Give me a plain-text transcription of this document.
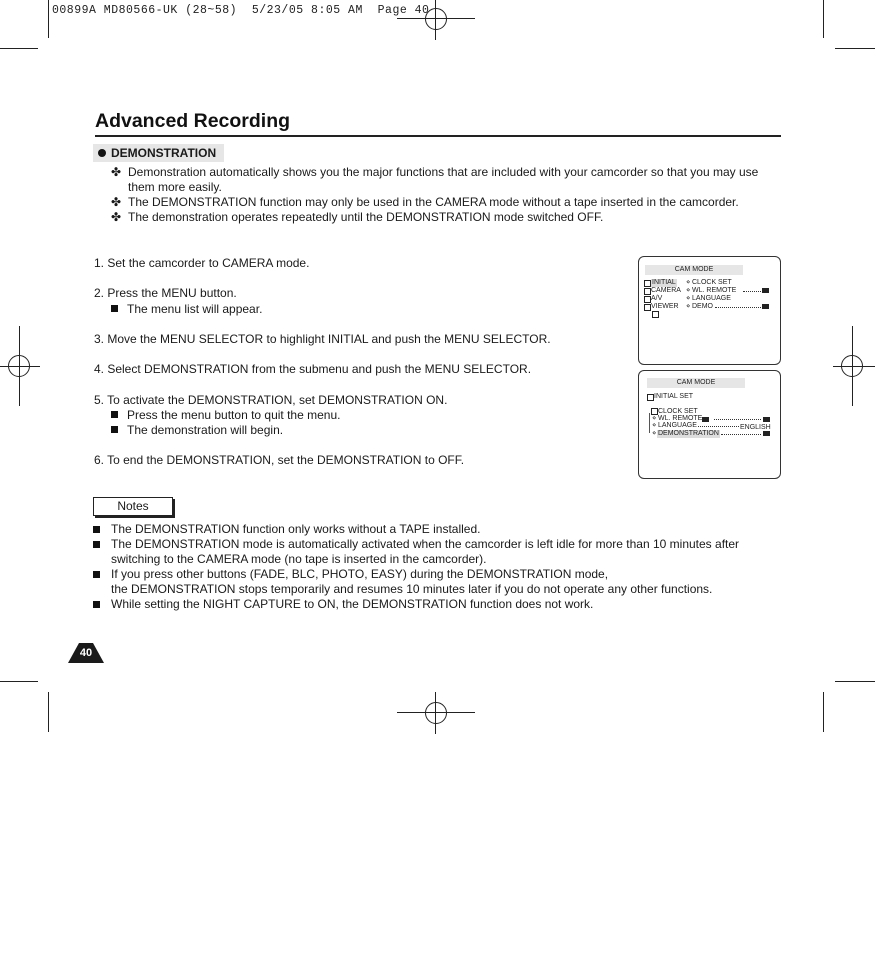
00899A MD80566-UK (28~58)  5/23/05 8:05 AM  Page 40
Advanced Recording
DEMONSTRATION
✤ Demonstration automatically shows you the major functions that are included with your camcorder so that you may use them more easily.
✤ The DEMONSTRATION function may only be used in the CAMERA mode without a tape inserted in the camcorder.
✤ The demonstration operates repeatedly until the DEMONSTRATION mode switched OFF.
1. Set the camcorder to CAMERA mode.
2. Press the MENU button.
The menu list will appear.
3. Move the MENU SELECTOR to highlight INITIAL and push the MENU SELECTOR.
4. Select DEMONSTRATION from the submenu and push the MENU SELECTOR.
5. To activate the DEMONSTRATION, set DEMONSTRATION ON.
Press the menu button to quit the menu.
The demonstration will begin.
6. To end the DEMONSTRATION, set the DEMONSTRATION to OFF.
CAM MODE
INITIAL
CAMERA
A/V
VIEWER
⋄ CLOCK SET
⋄ WL. REMOTE
⋄ LANGUAGE
⋄ DEMO
CAM MODE
INITIAL SET
CLOCK SET
⋄ WL. REMOTE
⋄ LANGUAGE	ENGLISH
⋄ DEMONSTRATION
Notes
The DEMONSTRATION function only works without a TAPE installed.
The DEMONSTRATION mode is automatically activated when the camcorder is left idle for more than 10 minutes after switching to the CAMERA mode (no tape is inserted in the camcorder).
If you press other buttons (FADE, BLC, PHOTO, EASY) during the DEMONSTRATION mode,
the DEMONSTRATION stops temporarily and resumes 10 minutes later if you do not operate any other functions.
While setting the NIGHT CAPTURE to ON, the DEMONSTRATION function does not work.
40
